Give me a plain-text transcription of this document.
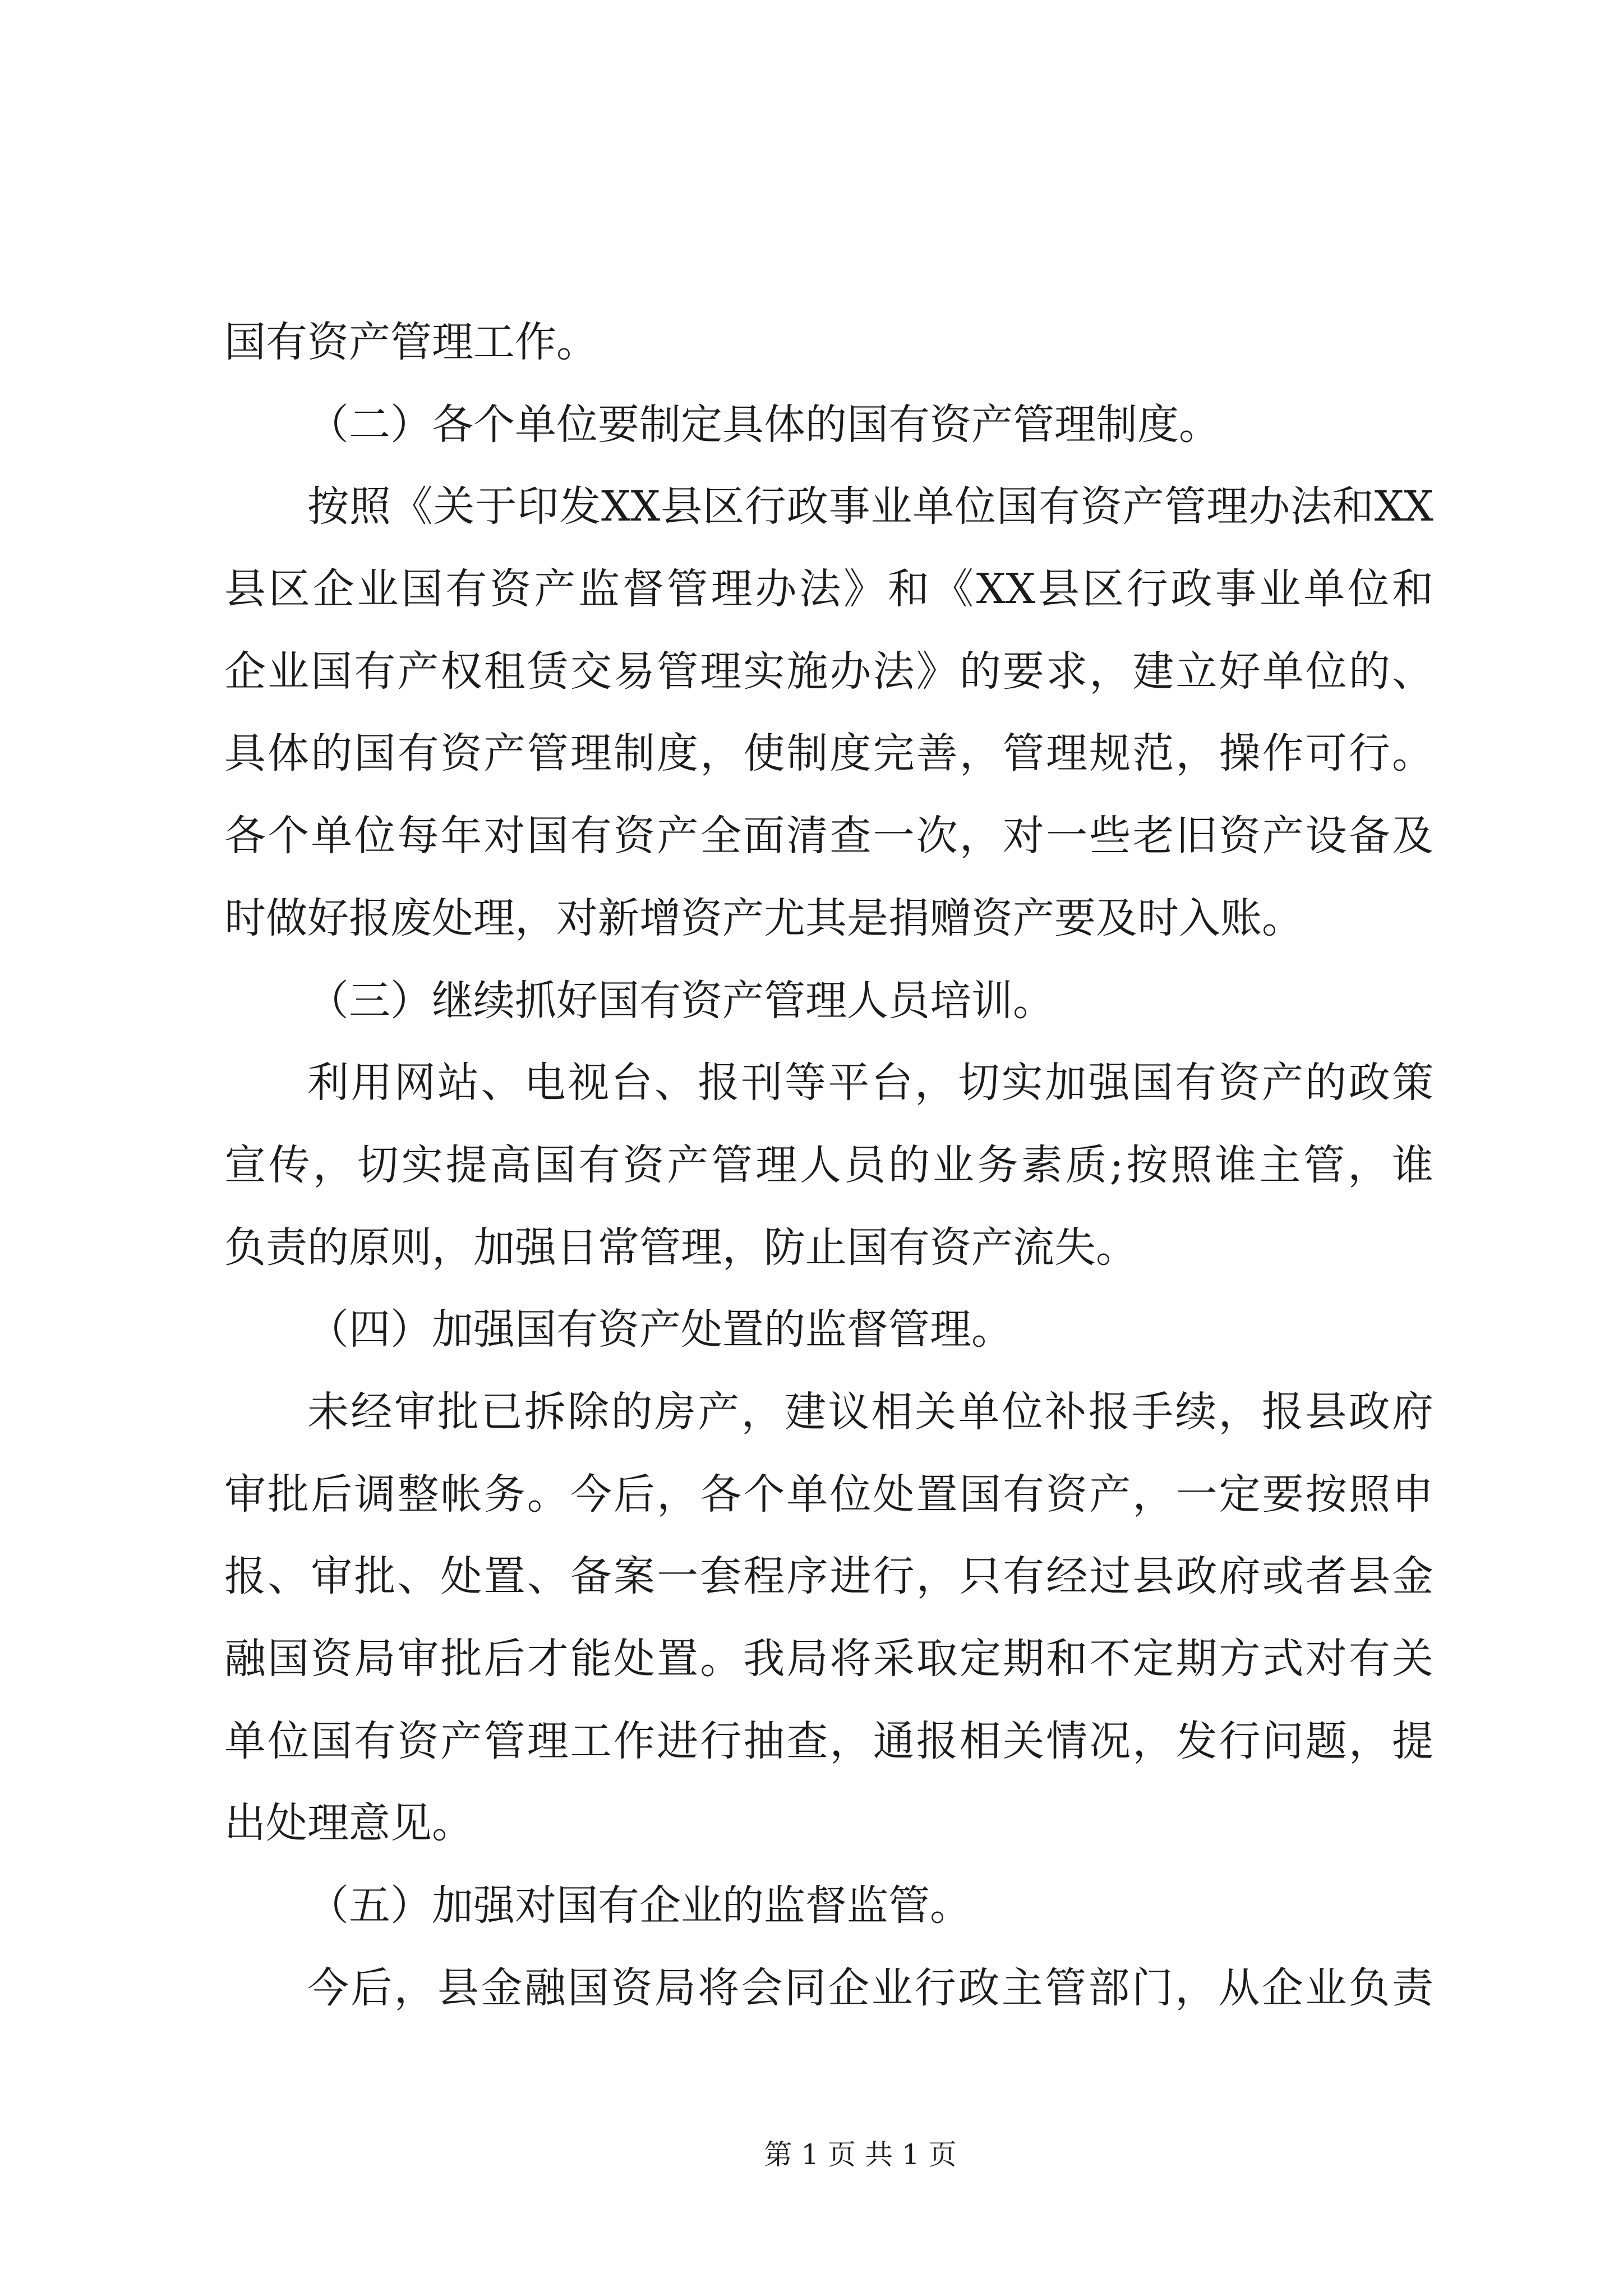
国有资产管理工作。
（二）各个单位要制定具体的国有资产管理制度。
按照《关于印发XX县区行政事业单位国有资产管理办法和XX
县区企业国有资产监督管理办法》和《XX县区行政事业单位和
企业国有产权租赁交易管理实施办法》的要求，建立好单位的、
具体的国有资产管理制度，使制度完善，管理规范，操作可行。
各个单位每年对国有资产全面清查一次，对一些老旧资产设备及
时做好报废处理，对新增资产尤其是捐赠资产要及时入账。
（三）继续抓好国有资产管理人员培训。
利用网站、电视台、报刊等平台，切实加强国有资产的政策
宣传，切实提高国有资产管理人员的业务素质;按照谁主管，谁
负责的原则，加强日常管理，防止国有资产流失。
（四）加强国有资产处置的监督管理。
未经审批已拆除的房产，建议相关单位补报手续，报县政府
审批后调整帐务。今后，各个单位处置国有资产，一定要按照申
报、审批、处置、备案一套程序进行，只有经过县政府或者县金
融国资局审批后才能处置。我局将采取定期和不定期方式对有关
单位国有资产管理工作进行抽查，通报相关情况，发行问题，提
出处理意见。
（五）加强对国有企业的监督监管。
今后，县金融国资局将会同企业行政主管部门，从企业负责
第 1 页 共 1 页
